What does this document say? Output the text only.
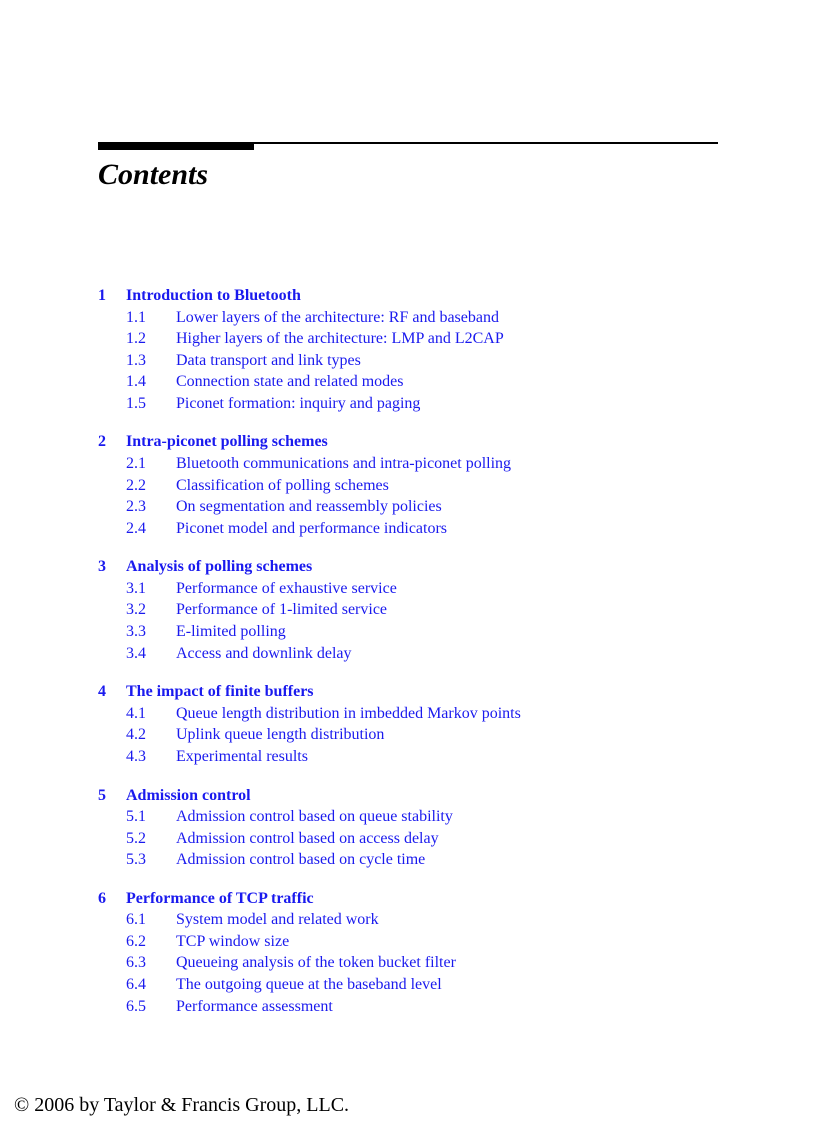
Contents
1	Introduction to Bluetooth
1.1	Lower layers of the architecture: RF and baseband
1.2	Higher layers of the architecture: LMP and L2CAP
1.3	Data transport and link types
1.4	Connection state and related modes
1.5	Piconet formation: inquiry and paging
2	Intra-piconet polling schemes
2.1	Bluetooth communications and intra-piconet polling
2.2	Classification of polling schemes
2.3	On segmentation and reassembly policies
2.4	Piconet model and performance indicators
3	Analysis of polling schemes
3.1	Performance of exhaustive service
3.2	Performance of 1-limited service
3.3	E-limited polling
3.4	Access and downlink delay
4	The impact of finite buffers
4.1	Queue length distribution in imbedded Markov points
4.2	Uplink queue length distribution
4.3	Experimental results
5	Admission control
5.1	Admission control based on queue stability
5.2	Admission control based on access delay
5.3	Admission control based on cycle time
6	Performance of TCP traffic
6.1	System model and related work
6.2	TCP window size
6.3	Queueing analysis of the token bucket filter
6.4	The outgoing queue at the baseband level
6.5	Performance assessment
© 2006 by Taylor & Francis Group, LLC.
